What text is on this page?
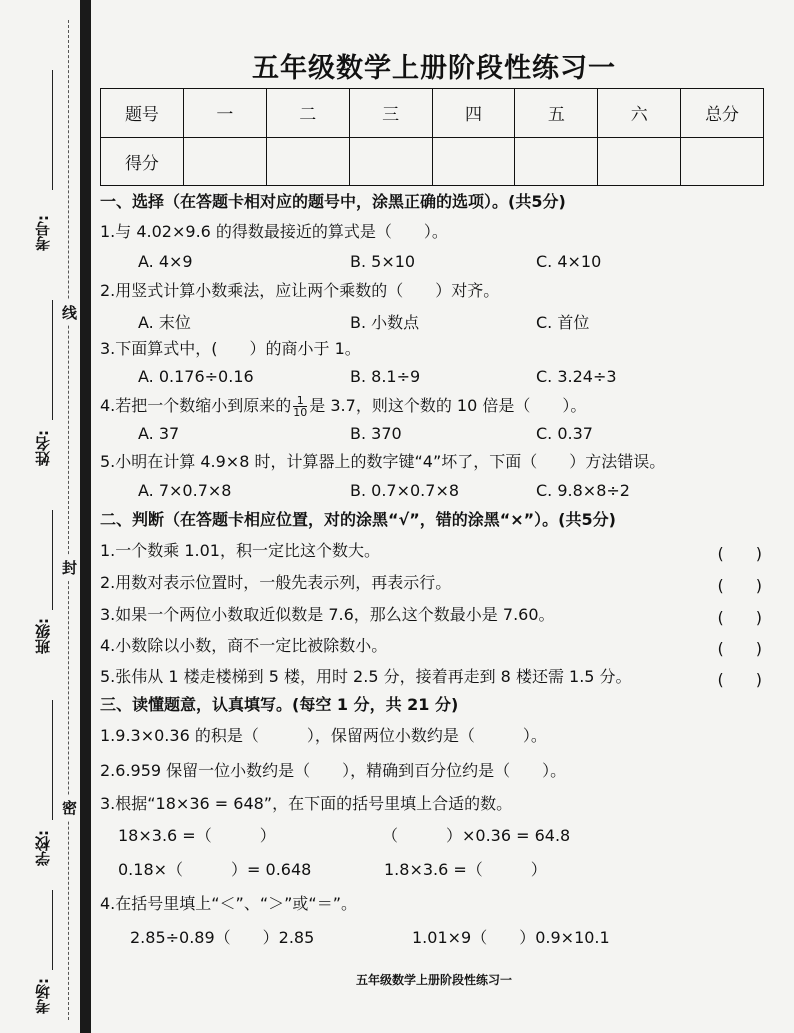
考号:
线
姓名:
封
班级:
密
学校:
考场:
五年级数学上册阶段性练习一
题号	一	二	三	四	五	六	总分
得分							
一、选择（在答题卡相对应的题号中，涂黑正确的选项）。(共5分)
1.与 4.02×9.6 的得数最接近的算式是（　　）。
A. 4×9	B. 5×10	C. 4×10
2.用竖式计算小数乘法，应让两个乘数的（　　）对齐。
A. 末位	B. 小数点	C. 首位
3.下面算式中，(　　）的商小于 1。
A. 0.176÷0.16	B. 8.1÷9	C. 3.24÷3
4.若把一个数缩小到原来的 $\frac{1}{10}$ 是 3.7，则这个数的 10 倍是（　　）。
A. 37	B. 370	C. 0.37
5.小明在计算 4.9×8 时，计算器上的数字键“4”坏了，下面（　　）方法错误。
A. 7×0.7×8	B. 0.7×0.7×8	C. 9.8×8÷2
二、判断（在答题卡相应位置，对的涂黑“√”，错的涂黑“×”）。(共5分)
1.一个数乘 1.01，积一定比这个数大。	(　　)
2.用数对表示位置时，一般先表示列，再表示行。	(　　)
3.如果一个两位小数取近似数是 7.6，那么这个数最小是 7.60。	(　　)
4.小数除以小数，商不一定比被除数小。	(　　)
5.张伟从 1 楼走楼梯到 5 楼，用时 2.5 分，接着再走到 8 楼还需 1.5 分。	(　　)
三、读懂题意，认真填写。(每空 1 分，共 21 分)
1.9.3×0.36 的积是（　　　），保留两位小数约是（　　　）。
2.6.959 保留一位小数约是（　　），精确到百分位约是（　　）。
3.根据“18×36 = 648”，在下面的括号里填上合适的数。
18×3.6 =（　　　）	（　　　）×0.36 = 64.8
0.18×（　　　）= 0.648	1.8×3.6 =（　　　）
4.在括号里填上“＜”、“＞”或“＝”。
2.85÷0.89（　　）2.85	1.01×9（　　）0.9×10.1
五年级数学上册阶段性练习一
